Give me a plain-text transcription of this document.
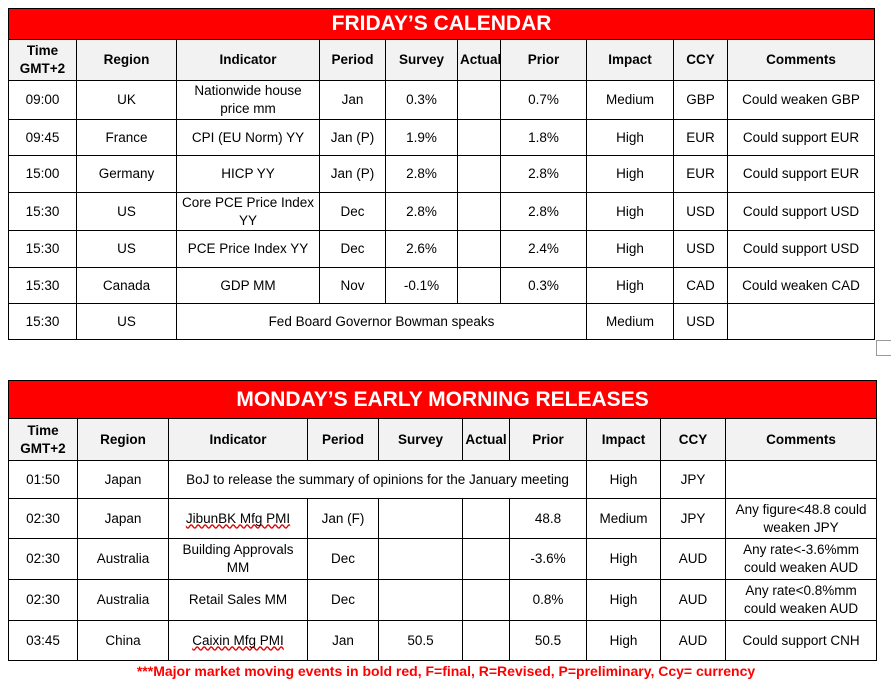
FRIDAY’S CALENDAR									
Time GMT+2	Region	Indicator	Period	Survey	Actual	Prior	Impact	CCY	Comments
09:00	UK	Nationwide house price mm	Jan	0.3%		0.7%	Medium	GBP	Could weaken GBP
09:45	France	CPI (EU Norm) YY	Jan (P)	1.9%		1.8%	High	EUR	Could support EUR
15:00	Germany	HICP YY	Jan (P)	2.8%		2.8%	High	EUR	Could support EUR
15:30	US	Core PCE Price Index YY	Dec	2.8%		2.8%	High	USD	Could support USD
15:30	US	PCE Price Index YY	Dec	2.6%		2.4%	High	USD	Could support USD
15:30	Canada	GDP MM	Nov	-0.1%		0.3%	High	CAD	Could weaken CAD
15:30	US	Fed Board Governor Bowman speaks					Medium	USD	
MONDAY’S EARLY MORNING RELEASES									
Time GMT+2	Region	Indicator	Period	Survey	Actual	Prior	Impact	CCY	Comments
01:50	Japan	BoJ to release the summary of opinions for the January meeting					High	JPY	
02:30	Japan	JibunBK Mfg PMI	Jan (F)			48.8	Medium	JPY	Any figure<48.8 could weaken JPY
02:30	Australia	Building Approvals MM	Dec			-3.6%	High	AUD	Any rate<-3.6%mm could weaken AUD
02:30	Australia	Retail Sales MM	Dec			0.8%	High	AUD	Any rate<0.8%mm could weaken AUD
03:45	China	Caixin Mfg PMI	Jan	50.5		50.5	High	AUD	Could support CNH
***Major market moving events in bold red, F=final, R=Revised, P=preliminary, Ccy= currency
